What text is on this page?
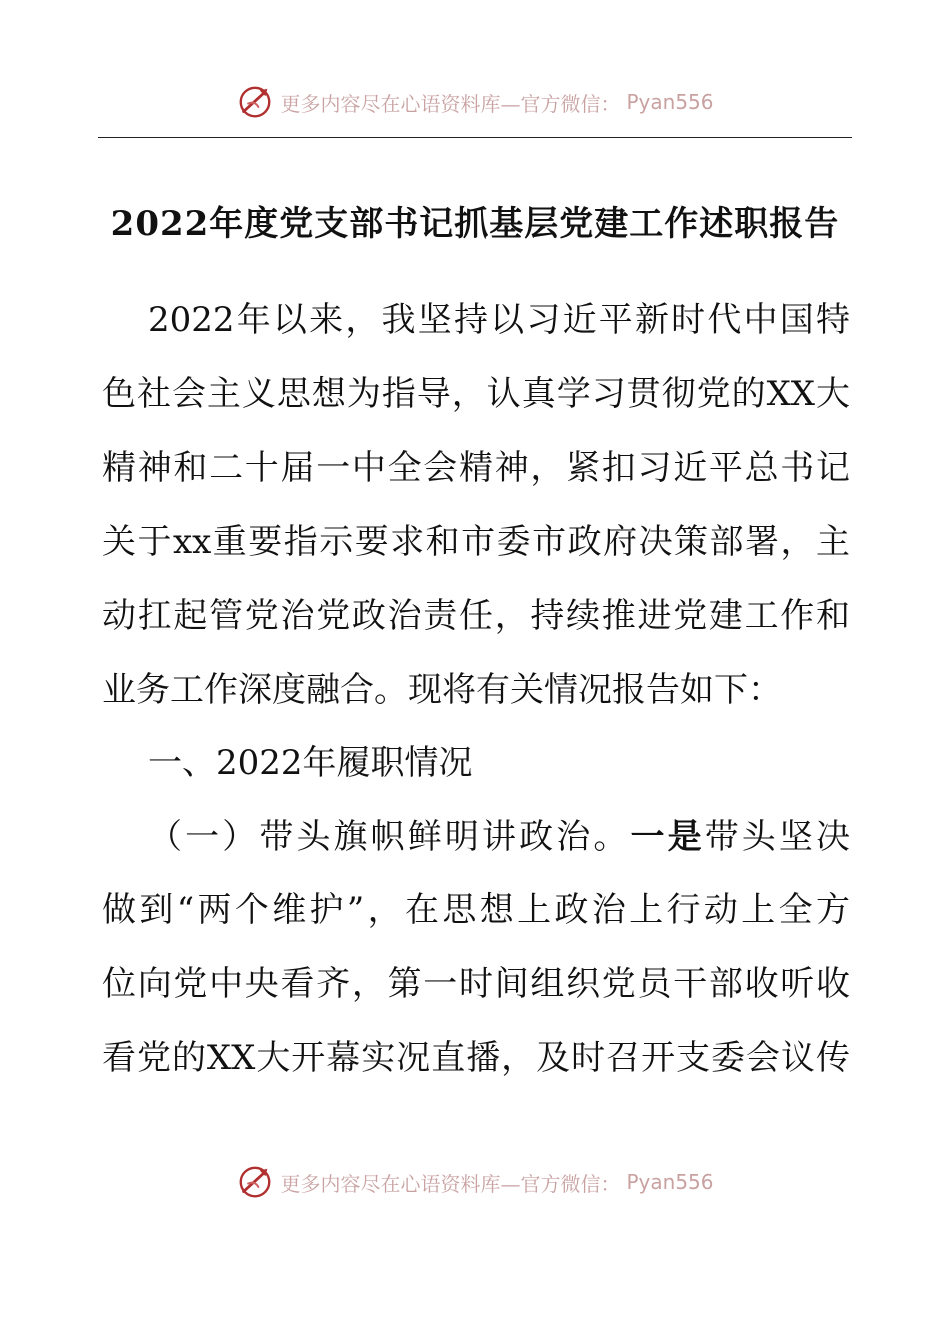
更多内容尽在心语资料库—官方微信： Pyan556
2022年度党支部书记抓基层党建工作述职报告
2022年以来，我坚持以习近平新时代中国特
色社会主义思想为指导，认真学习贯彻党的XX大
精神和二十届一中全会精神，紧扣习近平总书记
关于xx重要指示要求和市委市政府决策部署，主
动扛起管党治党政治责任，持续推进党建工作和
业务工作深度融合。现将有关情况报告如下：
一、2022年履职情况
（一）带头旗帜鲜明讲政治。一是带头坚决
做到“两个维护”，在思想上政治上行动上全方
位向党中央看齐，第一时间组织党员干部收听收
看党的XX大开幕实况直播，及时召开支委会议传
更多内容尽在心语资料库—官方微信： Pyan556
